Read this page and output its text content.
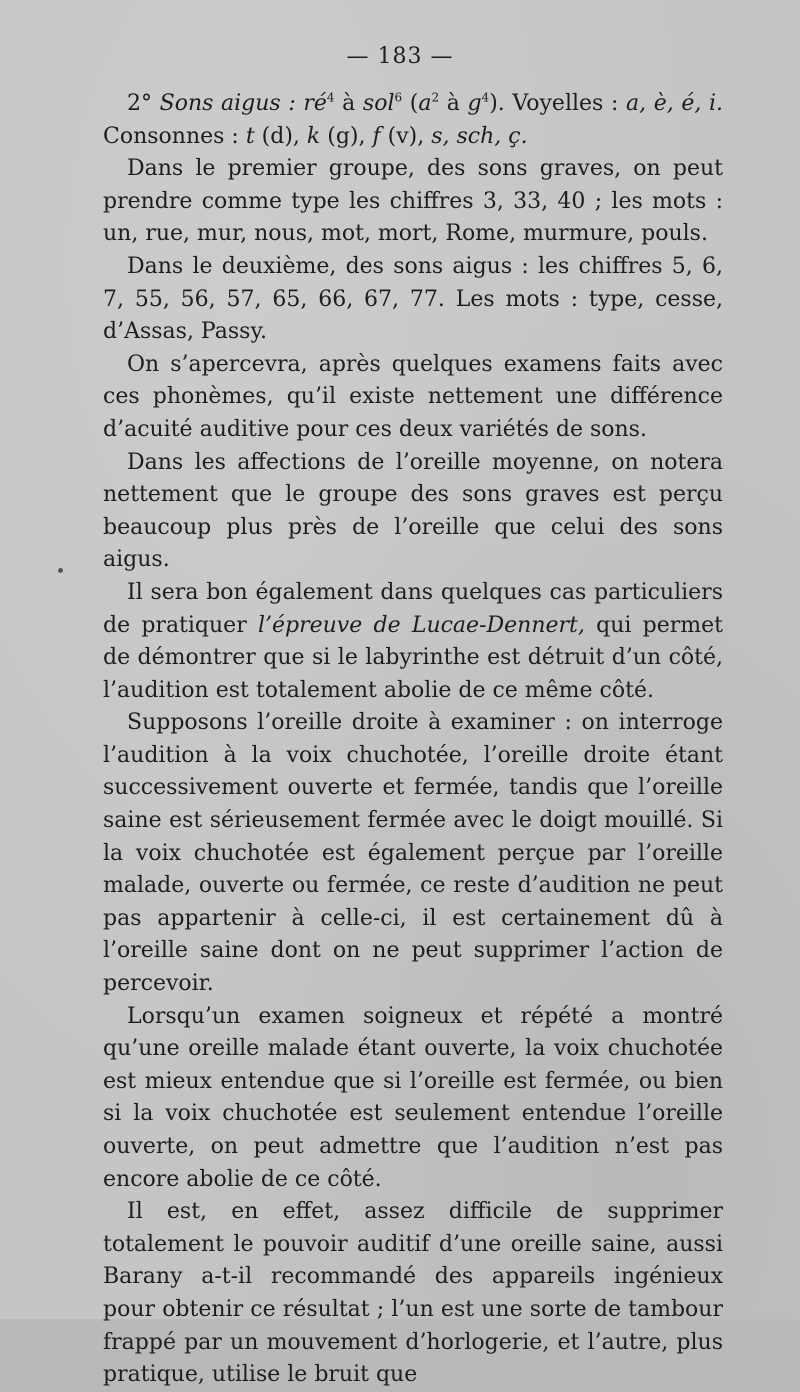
— 183 —

2° Sons aigus : $ré^4$ à sol$^6$ ($a^2$ à $g^4$). Voyelles : a, è, é, i. Consonnes : t (d), k (g), f (v), s, sch, ç.

Dans le premier groupe, des sons graves, on peut prendre comme type les chiffres 3, 33, 40 ; les mots : un, rue, mur, nous, mot, mort, Rome, murmure, pouls.

Dans le deuxième, des sons aigus : les chiffres 5, 6, 7, 55, 56, 57, 65, 66, 67, 77. Les mots : type, cesse, d’Assas, Passy.

On s’apercevra, après quelques examens faits avec ces phonèmes, qu’il existe nettement une différence d’acuité auditive pour ces deux variétés de sons.

Dans les affections de l’oreille moyenne, on notera nettement que le groupe des sons graves est perçu beaucoup plus près de l’oreille que celui des sons aigus.

Il sera bon également dans quelques cas particuliers de pratiquer l’épreuve de Lucae-Dennert, qui permet de démontrer que si le labyrinthe est détruit d’un côté, l’audition est totalement abolie de ce même côté.

Supposons l’oreille droite à examiner : on interroge l’audition à la voix chuchotée, l’oreille droite étant successivement ouverte et fermée, tandis que l’oreille saine est sérieusement fermée avec le doigt mouillé. Si la voix chuchotée est également perçue par l’oreille malade, ouverte ou fermée, ce reste d’audition ne peut pas appartenir à celle-ci, il est certainement dû à l’oreille saine dont on ne peut supprimer l’action de percevoir.

Lorsqu’un examen soigneux et répété a montré qu’une oreille malade étant ouverte, la voix chuchotée est mieux entendue que si l’oreille est fermée, ou bien si la voix chuchotée est seulement entendue l’oreille ouverte, on peut admettre que l’audition n’est pas encore abolie de ce côté.

Il est, en effet, assez difficile de supprimer totalement le pouvoir auditif d’une oreille saine, aussi Barany a-t-il recommandé des appareils ingénieux pour obtenir ce résultat ; l’un est une sorte de tambour frappé par un mouvement d’horlogerie, et l’autre, plus pratique, utilise le bruit que
